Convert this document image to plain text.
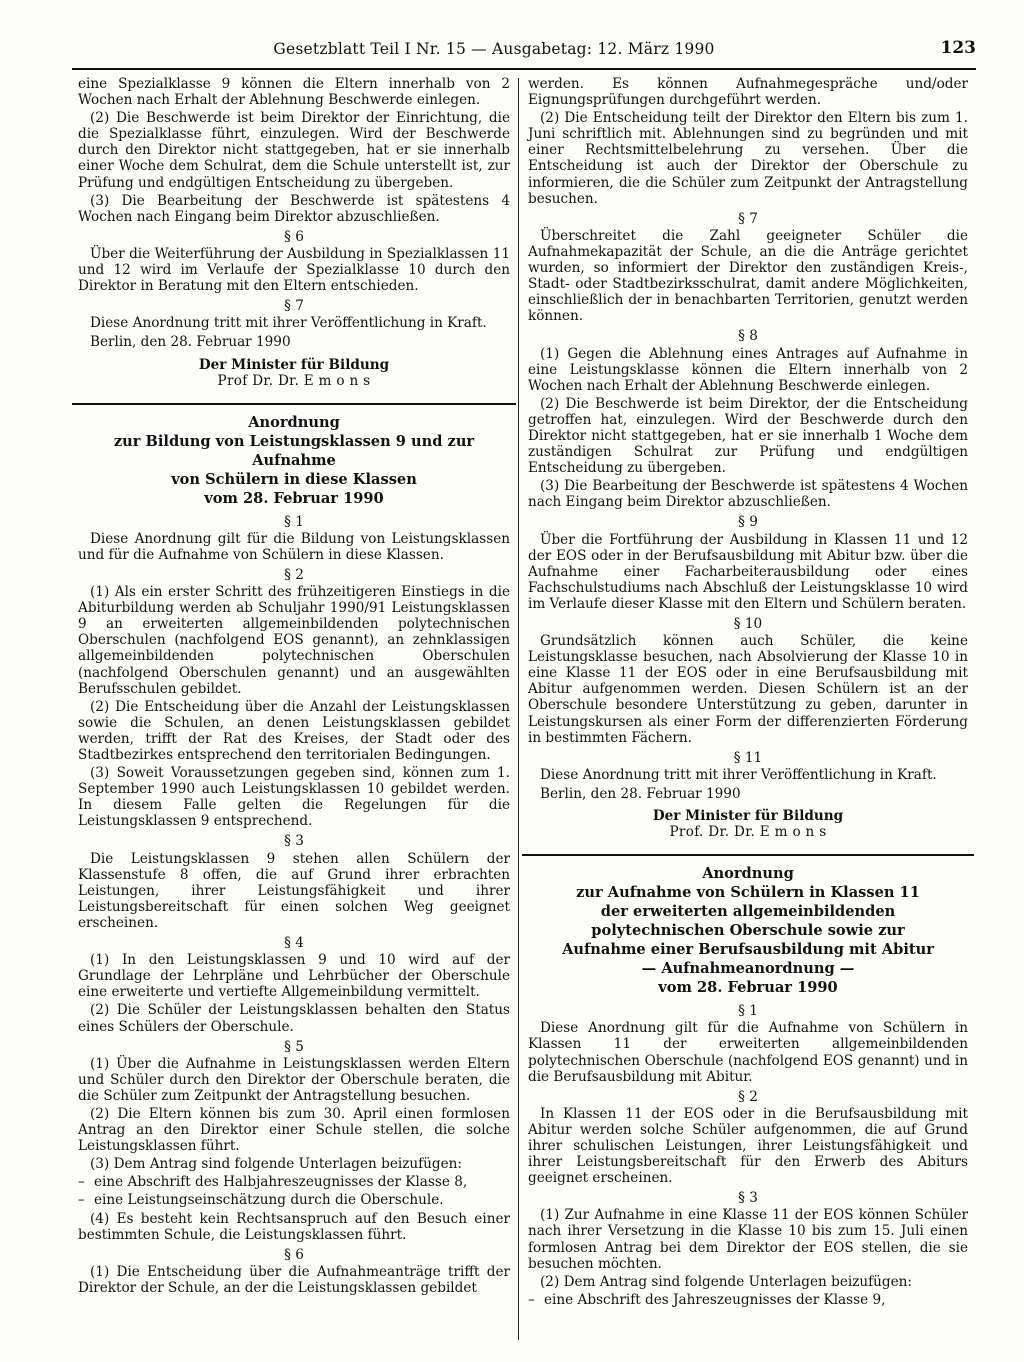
Gesetzblatt Teil I Nr. 15 — Ausgabetag: 12. März 1990	123

eine Spezialklasse 9 können die Eltern innerhalb von 2 Wochen nach Erhalt der Ablehnung Beschwerde einlegen.

(2) Die Beschwerde ist beim Direktor der Einrichtung, die die Spezialklasse führt, einzulegen. Wird der Beschwerde durch den Direktor nicht stattgegeben, hat er sie innerhalb einer Woche dem Schulrat, dem die Schule unterstellt ist, zur Prüfung und endgültigen Entscheidung zu übergeben.

(3) Die Bearbeitung der Beschwerde ist spätestens 4 Wochen nach Eingang beim Direktor abzuschließen.

§ 6

Über die Weiterführung der Ausbildung in Spezialklassen 11 und 12 wird im Verlaufe der Spezialklasse 10 durch den Direktor in Beratung mit den Eltern entschieden.

§ 7

Diese Anordnung tritt mit ihrer Veröffentlichung in Kraft.

Berlin, den 28. Februar 1990
Der Minister für Bildung
Prof Dr. Dr. E m o n s
Anordnung
zur Bildung von Leistungsklassen 9 und zur Aufnahme
von Schülern in diese Klassen
vom 28. Februar 1990
§ 1

Diese Anordnung gilt für die Bildung von Leistungsklassen und für die Aufnahme von Schülern in diese Klassen.

§ 2

(1) Als ein erster Schritt des frühzeitigeren Einstiegs in die Abiturbildung werden ab Schuljahr 1990/91 Leistungsklassen 9 an erweiterten allgemeinbildenden polytechnischen Oberschulen (nachfolgend EOS genannt), an zehnklassigen allgemeinbildenden polytechnischen Oberschulen (nachfolgend Oberschulen genannt) und an ausgewählten Berufsschulen gebildet.

(2) Die Entscheidung über die Anzahl der Leistungsklassen sowie die Schulen, an denen Leistungsklassen gebildet werden, trifft der Rat des Kreises, der Stadt oder des Stadtbezirkes entsprechend den territorialen Bedingungen.

(3) Soweit Voraussetzungen gegeben sind, können zum 1. September 1990 auch Leistungsklassen 10 gebildet werden. In diesem Falle gelten die Regelungen für die Leistungsklassen 9 entsprechend.

§ 3

Die Leistungsklassen 9 stehen allen Schülern der Klassenstufe 8 offen, die auf Grund ihrer erbrachten Leistungen, ihrer Leistungsfähigkeit und ihrer Leistungsbereitschaft für einen solchen Weg geeignet erscheinen.

§ 4

(1) In den Leistungsklassen 9 und 10 wird auf der Grundlage der Lehrpläne und Lehrbücher der Oberschule eine erweiterte und vertiefte Allgemeinbildung vermittelt.

(2) Die Schüler der Leistungsklassen behalten den Status eines Schülers der Oberschule.

§ 5

(1) Über die Aufnahme in Leistungsklassen werden Eltern und Schüler durch den Direktor der Oberschule beraten, die die Schüler zum Zeitpunkt der Antragstellung besuchen.

(2) Die Eltern können bis zum 30. April einen formlosen Antrag an den Direktor einer Schule stellen, die solche Leistungsklassen führt.

(3) Dem Antrag sind folgende Unterlagen beizufügen:

– eine Abschrift des Halbjahreszeugnisses der Klasse 8,

– eine Leistungseinschätzung durch die Oberschule.

(4) Es besteht kein Rechtsanspruch auf den Besuch einer bestimmten Schule, die Leistungsklassen führt.

§ 6

(1) Die Entscheidung über die Aufnahmeanträge trifft der Direktor der Schule, an der die Leistungsklassen gebildet

werden. Es können Aufnahmegespräche und/oder Eignungsprüfungen durchgeführt werden.

(2) Die Entscheidung teilt der Direktor den Eltern bis zum 1. Juni schriftlich mit. Ablehnungen sind zu begründen und mit einer Rechtsmittelbelehrung zu versehen. Über die Entscheidung ist auch der Direktor der Oberschule zu informieren, die die Schüler zum Zeitpunkt der Antragstellung besuchen.

§ 7

Überschreitet die Zahl geeigneter Schüler die Aufnahmekapazität der Schule, an die die Anträge gerichtet wurden, so informiert der Direktor den zuständigen Kreis-, Stadt- oder Stadtbezirksschulrat, damit andere Möglichkeiten, einschließlich der in benachbarten Territorien, genutzt werden können.

§ 8

(1) Gegen die Ablehnung eines Antrages auf Aufnahme in eine Leistungsklasse können die Eltern innerhalb von 2 Wochen nach Erhalt der Ablehnung Beschwerde einlegen.

(2) Die Beschwerde ist beim Direktor, der die Entscheidung getroffen hat, einzulegen. Wird der Beschwerde durch den Direktor nicht stattgegeben, hat er sie innerhalb 1 Woche dem zuständigen Schulrat zur Prüfung und endgültigen Entscheidung zu übergeben.

(3) Die Bearbeitung der Beschwerde ist spätestens 4 Wochen nach Eingang beim Direktor abzuschließen.

§ 9

Über die Fortführung der Ausbildung in Klassen 11 und 12 der EOS oder in der Berufsausbildung mit Abitur bzw. über die Aufnahme einer Facharbeiterausbildung oder eines Fachschulstudiums nach Abschluß der Leistungsklasse 10 wird im Verlaufe dieser Klasse mit den Eltern und Schülern beraten.

§ 10

Grundsätzlich können auch Schüler, die keine Leistungsklasse besuchen, nach Absolvierung der Klasse 10 in eine Klasse 11 der EOS oder in eine Berufsausbildung mit Abitur aufgenommen werden. Diesen Schülern ist an der Oberschule besondere Unterstützung zu geben, darunter in Leistungskursen als einer Form der differenzierten Förderung in bestimmten Fächern.

§ 11

Diese Anordnung tritt mit ihrer Veröffentlichung in Kraft.

Berlin, den 28. Februar 1990
Der Minister für Bildung
Prof. Dr. Dr. E m o n s
Anordnung
zur Aufnahme von Schülern in Klassen 11
der erweiterten allgemeinbildenden
polytechnischen Oberschule sowie zur
Aufnahme einer Berufsausbildung mit Abitur
— Aufnahmeanordnung —
vom 28. Februar 1990
§ 1

Diese Anordnung gilt für die Aufnahme von Schülern in Klassen 11 der erweiterten allgemeinbildenden polytechnischen Oberschule (nachfolgend EOS genannt) und in die Berufsausbildung mit Abitur.

§ 2

In Klassen 11 der EOS oder in die Berufsausbildung mit Abitur werden solche Schüler aufgenommen, die auf Grund ihrer schulischen Leistungen, ihrer Leistungsfähigkeit und ihrer Leistungsbereitschaft für den Erwerb des Abiturs geeignet erscheinen.

§ 3

(1) Zur Aufnahme in eine Klasse 11 der EOS können Schüler nach ihrer Versetzung in die Klasse 10 bis zum 15. Juli einen formlosen Antrag bei dem Direktor der EOS stellen, die sie besuchen möchten.

(2) Dem Antrag sind folgende Unterlagen beizufügen:

– eine Abschrift des Jahreszeugnisses der Klasse 9,
